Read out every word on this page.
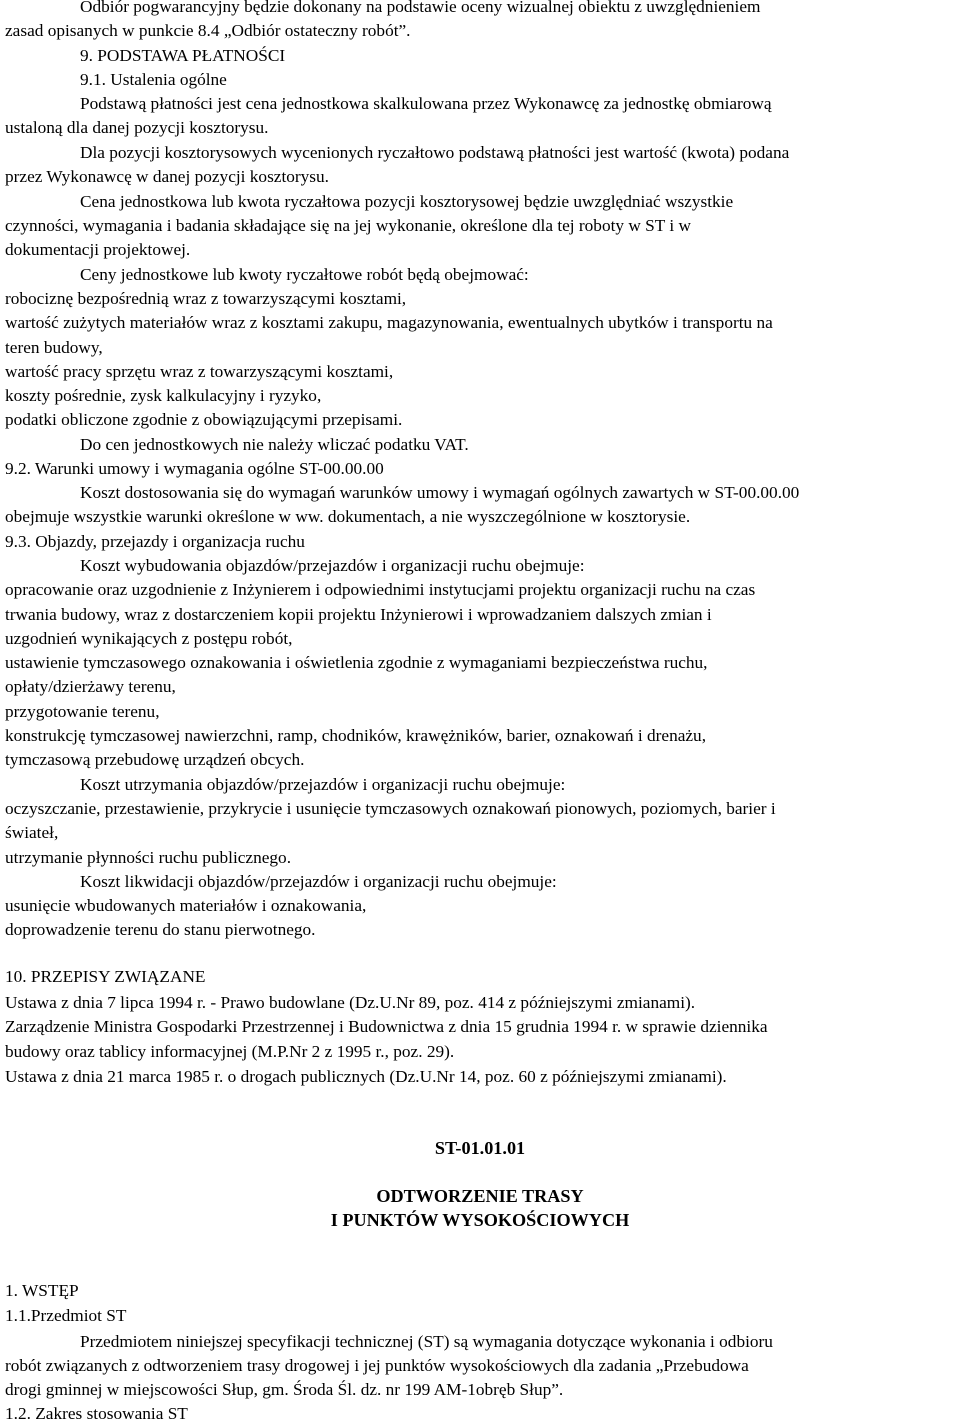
Odbiór pogwarancyjny będzie dokonany na podstawie oceny wizualnej obiektu z uwzględnieniem
zasad opisanych w punkcie 8.4 „Odbiór ostateczny robót”.
9. PODSTAWA PŁATNOŚCI
9.1. Ustalenia ogólne
Podstawą płatności jest cena jednostkowa skalkulowana przez Wykonawcę za jednostkę obmiarową
ustaloną dla danej pozycji kosztorysu.
Dla pozycji kosztorysowych wycenionych ryczałtowo podstawą płatności jest wartość (kwota) podana
przez Wykonawcę w danej pozycji kosztorysu.
Cena jednostkowa lub kwota ryczałtowa pozycji kosztorysowej będzie uwzględniać wszystkie
czynności, wymagania i badania składające się na jej wykonanie, określone dla tej roboty w ST i w
dokumentacji projektowej.
Ceny jednostkowe lub kwoty ryczałtowe robót będą obejmować:
robociznę bezpośrednią wraz z towarzyszącymi kosztami,
wartość zużytych materiałów wraz z kosztami zakupu, magazynowania, ewentualnych ubytków i transportu na
teren budowy,
wartość pracy sprzętu wraz z towarzyszącymi kosztami,
koszty pośrednie, zysk kalkulacyjny i ryzyko,
podatki obliczone zgodnie z obowiązującymi przepisami.
Do cen jednostkowych nie należy wliczać podatku VAT.
9.2. Warunki umowy i wymagania ogólne ST-00.00.00
Koszt dostosowania się do wymagań warunków umowy i wymagań ogólnych zawartych w ST-00.00.00
obejmuje wszystkie warunki określone w ww. dokumentach, a nie wyszczególnione w kosztorysie.
9.3. Objazdy, przejazdy i organizacja ruchu
Koszt wybudowania objazdów/przejazdów i organizacji ruchu obejmuje:
opracowanie oraz uzgodnienie z Inżynierem i odpowiednimi instytucjami projektu organizacji ruchu na czas
trwania budowy, wraz z dostarczeniem kopii projektu Inżynierowi i wprowadzaniem dalszych zmian i
uzgodnień wynikających z postępu robót,
ustawienie tymczasowego oznakowania i oświetlenia zgodnie z wymaganiami bezpieczeństwa ruchu,
opłaty/dzierżawy terenu,
przygotowanie terenu,
konstrukcję tymczasowej nawierzchni, ramp, chodników, krawężników, barier, oznakowań i drenażu,
tymczasową przebudowę urządzeń obcych.
Koszt utrzymania objazdów/przejazdów i organizacji ruchu obejmuje:
oczyszczanie, przestawienie, przykrycie i usunięcie tymczasowych oznakowań pionowych, poziomych, barier i
świateł,
utrzymanie płynności ruchu publicznego.
Koszt likwidacji objazdów/przejazdów i organizacji ruchu obejmuje:
usunięcie wbudowanych materiałów i oznakowania,
doprowadzenie terenu do stanu pierwotnego.
10. PRZEPISY ZWIĄZANE
Ustawa z dnia 7 lipca 1994 r. - Prawo budowlane (Dz.U.Nr 89, poz. 414 z późniejszymi zmianami).
Zarządzenie Ministra Gospodarki Przestrzennej i Budownictwa z dnia 15 grudnia 1994 r. w sprawie dziennika
budowy oraz tablicy informacyjnej (M.P.Nr 2 z 1995 r., poz. 29).
Ustawa z dnia 21 marca 1985 r. o drogach publicznych (Dz.U.Nr 14, poz. 60 z późniejszymi zmianami).
ST-01.01.01
ODTWORZENIE TRASY
I PUNKTÓW WYSOKOŚCIOWYCH
1. WSTĘP
1.1.Przedmiot ST
Przedmiotem niniejszej specyfikacji technicznej (ST) są wymagania dotyczące wykonania i odbioru
robót związanych z odtworzeniem trasy drogowej i jej punktów wysokościowych dla zadania „Przebudowa
drogi gminnej w miejscowości Słup, gm. Środa Śl. dz. nr 199 AM-1obręb Słup”.
1.2. Zakres stosowania ST
